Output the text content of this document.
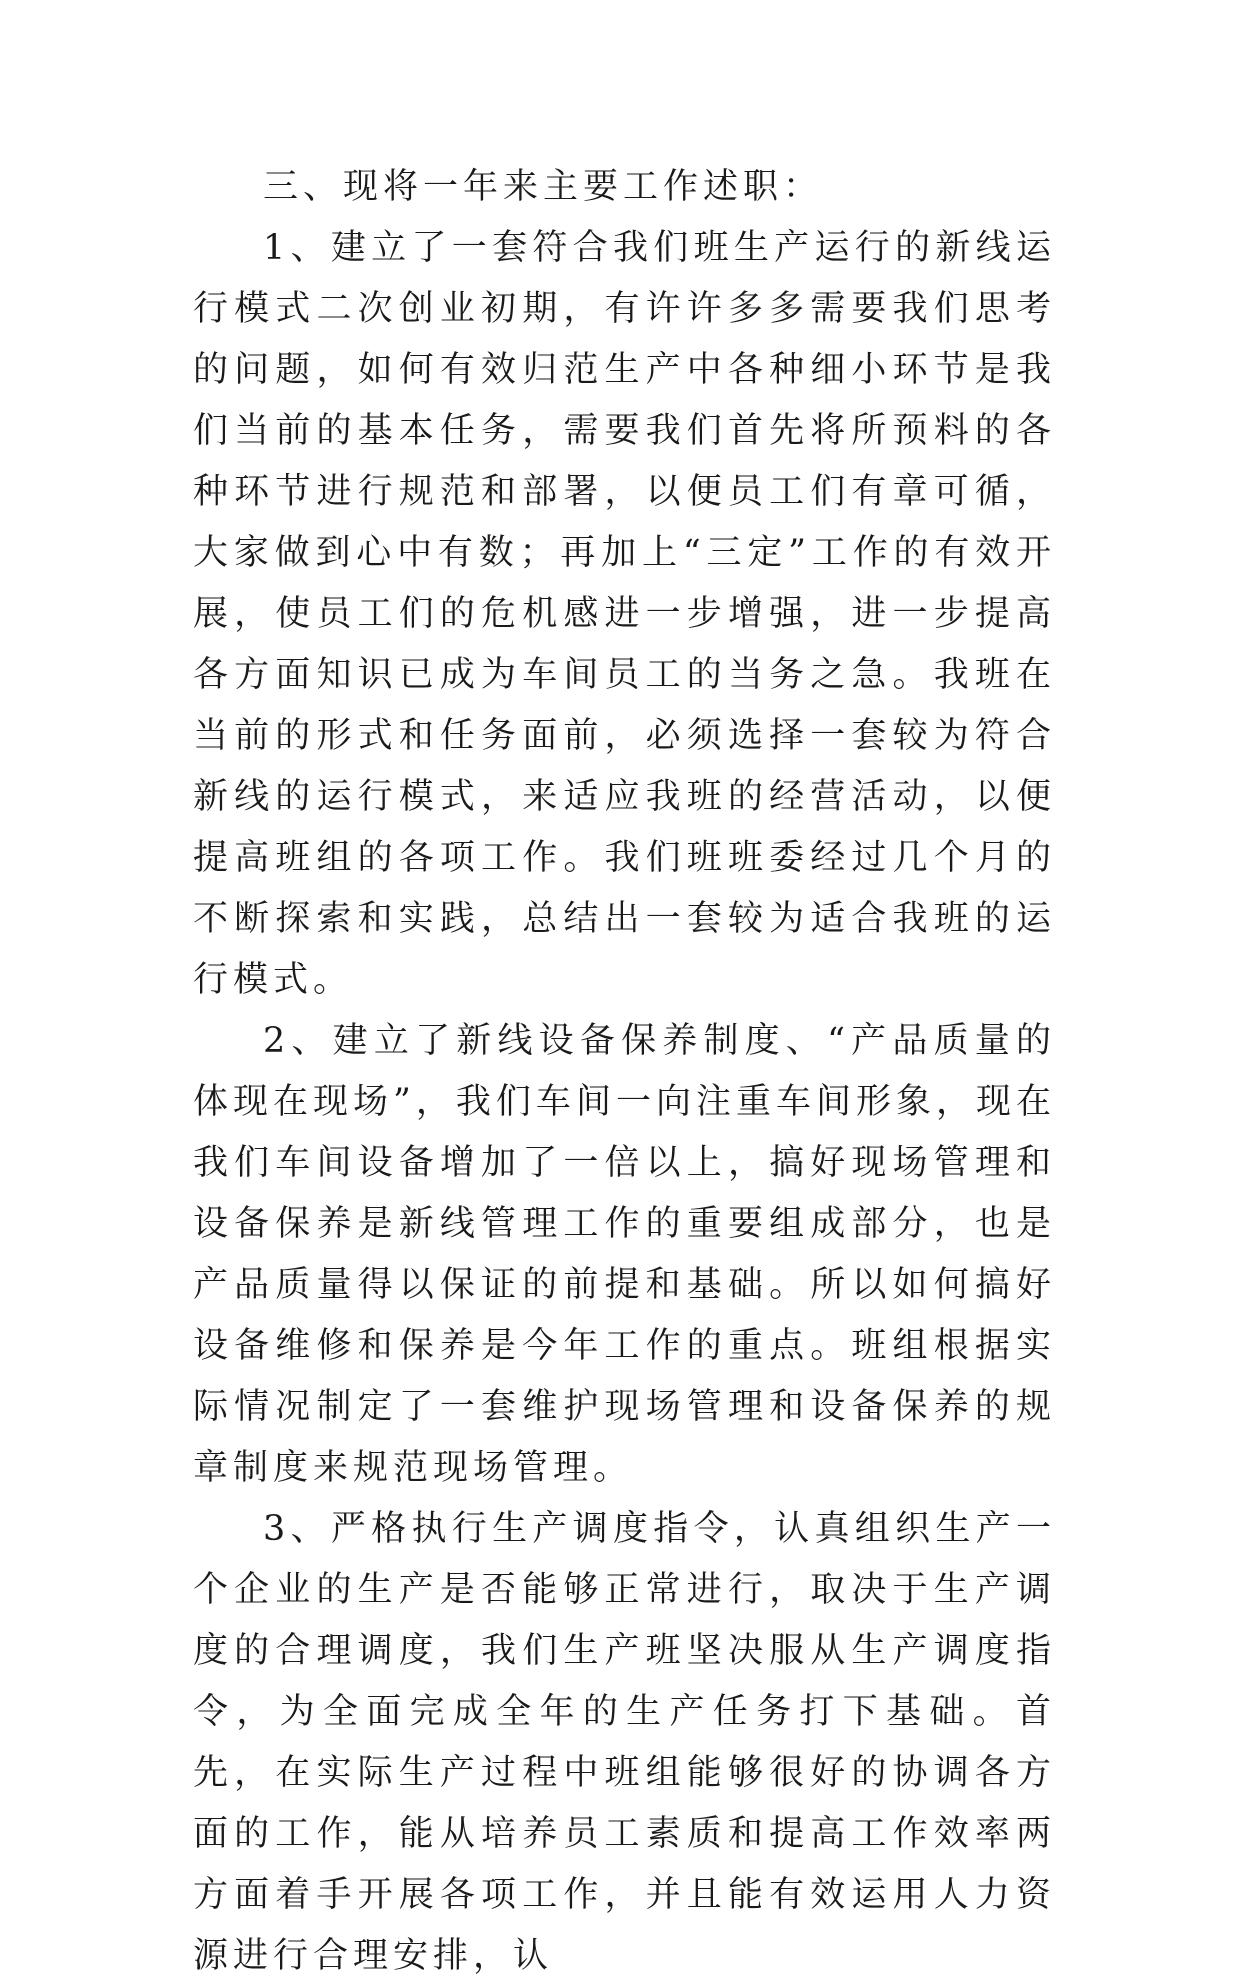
三、现将一年来主要工作述职：

1、建立了一套符合我们班生产运行的新线运行模式二次创业初期，有许许多多需要我们思考的问题，如何有效归范生产中各种细小环节是我们当前的基本任务，需要我们首先将所预料的各种环节进行规范和部署，以便员工们有章可循，大家做到心中有数；再加上“三定”工作的有效开展，使员工们的危机感进一步增强，进一步提高各方面知识已成为车间员工的当务之急。我班在当前的形式和任务面前，必须选择一套较为符合新线的运行模式，来适应我班的经营活动，以便提高班组的各项工作。我们班班委经过几个月的不断探索和实践，总结出一套较为适合我班的运行模式。

2、建立了新线设备保养制度、“产品质量的体现在现场”，我们车间一向注重车间形象，现在我们车间设备增加了一倍以上，搞好现场管理和设备保养是新线管理工作的重要组成部分，也是产品质量得以保证的前提和基础。所以如何搞好设备维修和保养是今年工作的重点。班组根据实际情况制定了一套维护现场管理和设备保养的规章制度来规范现场管理。

3、严格执行生产调度指令，认真组织生产一个企业的生产是否能够正常进行，取决于生产调度的合理调度，我们生产班坚决服从生产调度指令，为全面完成全年的生产任务打下基础。首先，在实际生产过程中班组能够很好的协调各方面的工作，能从培养员工素质和提高工作效率两方面着手开展各项工作，并且能有效运用人力资源进行合理安排，认
